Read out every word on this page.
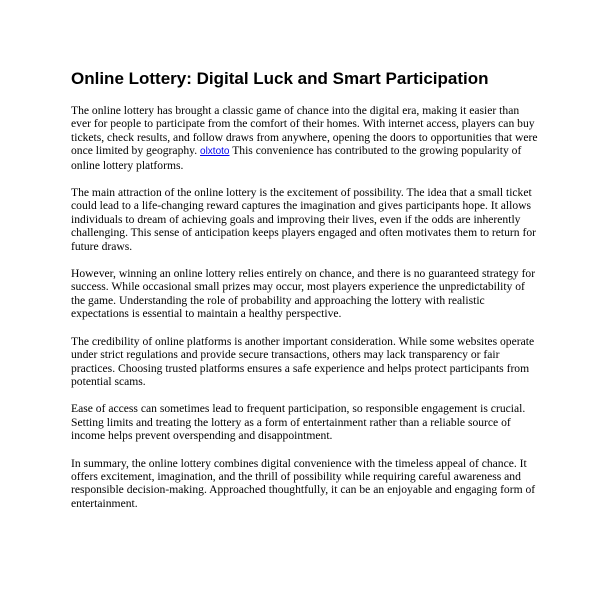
Online Lottery: Digital Luck and Smart Participation

The online lottery has brought a classic game of chance into the digital era, making it easier than ever for people to participate from the comfort of their homes. With internet access, players can buy tickets, check results, and follow draws from anywhere, opening the doors to opportunities that were once limited by geography. olxtoto This convenience has contributed to the growing popularity of online lottery platforms.

The main attraction of the online lottery is the excitement of possibility. The idea that a small ticket could lead to a life-changing reward captures the imagination and gives participants hope. It allows individuals to dream of achieving goals and improving their lives, even if the odds are inherently challenging. This sense of anticipation keeps players engaged and often motivates them to return for future draws.

However, winning an online lottery relies entirely on chance, and there is no guaranteed strategy for success. While occasional small prizes may occur, most players experience the unpredictability of the game. Understanding the role of probability and approaching the lottery with realistic expectations is essential to maintain a healthy perspective.

The credibility of online platforms is another important consideration. While some websites operate under strict regulations and provide secure transactions, others may lack transparency or fair practices. Choosing trusted platforms ensures a safe experience and helps protect participants from potential scams.

Ease of access can sometimes lead to frequent participation, so responsible engagement is crucial. Setting limits and treating the lottery as a form of entertainment rather than a reliable source of income helps prevent overspending and disappointment.

In summary, the online lottery combines digital convenience with the timeless appeal of chance. It offers excitement, imagination, and the thrill of possibility while requiring careful awareness and responsible decision-making. Approached thoughtfully, it can be an enjoyable and engaging form of entertainment.
